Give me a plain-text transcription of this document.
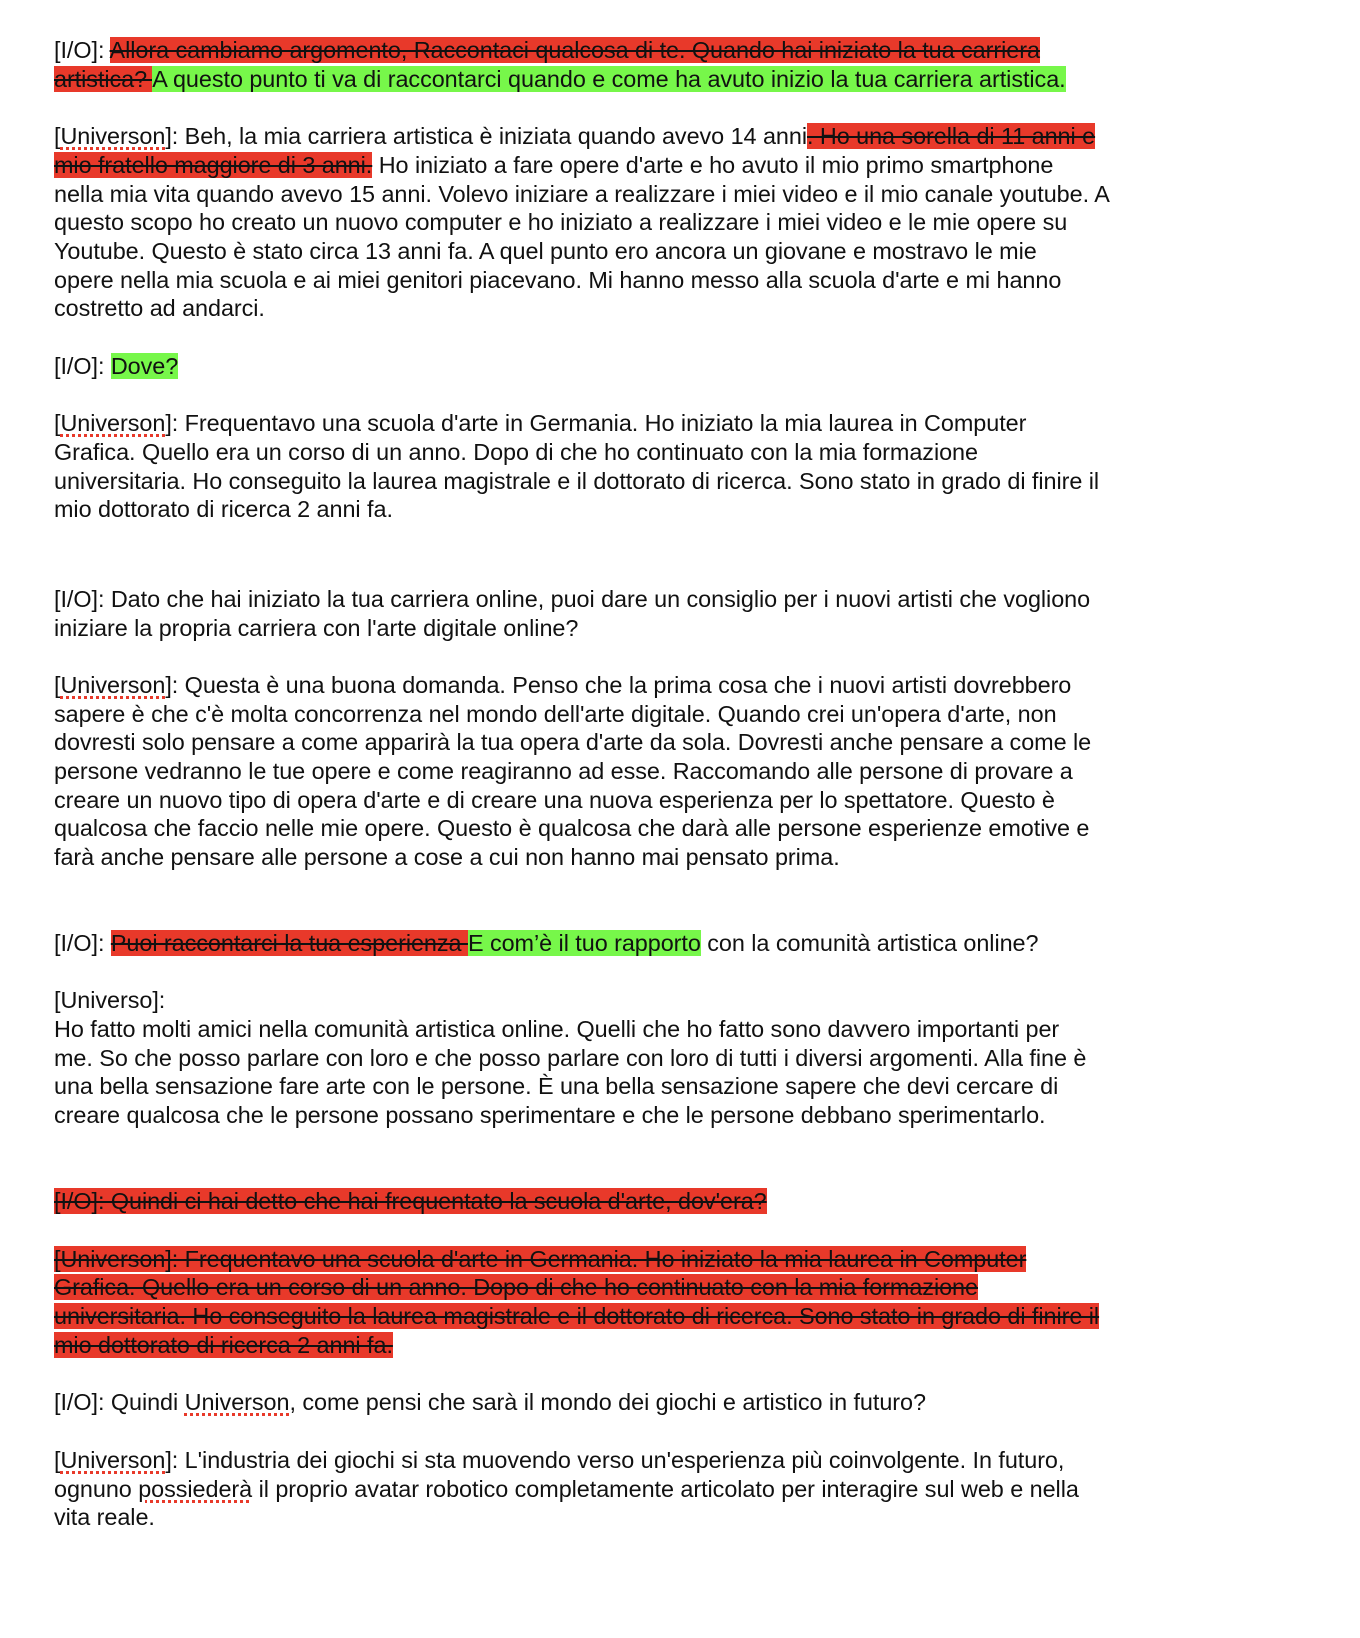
[I/O]: Allora cambiamo argomento, Raccontaci qualcosa di te. Quando hai iniziato la tua carriera
artistica? A questo punto ti va di raccontarci quando e come ha avuto inizio la tua carriera artistica.
[Universon]: Beh, la mia carriera artistica è iniziata quando avevo 14 anni. Ho una sorella di 11 anni e
mio fratello maggiore di 3 anni. Ho iniziato a fare opere d'arte e ho avuto il mio primo smartphone
nella mia vita quando avevo 15 anni. Volevo iniziare a realizzare i miei video e il mio canale youtube. A
questo scopo ho creato un nuovo computer e ho iniziato a realizzare i miei video e le mie opere su
Youtube. Questo è stato circa 13 anni fa. A quel punto ero ancora un giovane e mostravo le mie
opere nella mia scuola e ai miei genitori piacevano. Mi hanno messo alla scuola d'arte e mi hanno
costretto ad andarci.
[I/O]: Dove?
[Universon]: Frequentavo una scuola d'arte in Germania. Ho iniziato la mia laurea in Computer
Grafica. Quello era un corso di un anno. Dopo di che ho continuato con la mia formazione
universitaria. Ho conseguito la laurea magistrale e il dottorato di ricerca. Sono stato in grado di finire il
mio dottorato di ricerca 2 anni fa.
[I/O]: Dato che hai iniziato la tua carriera online, puoi dare un consiglio per i nuovi artisti che vogliono
iniziare la propria carriera con l'arte digitale online?
[Universon]: Questa è una buona domanda. Penso che la prima cosa che i nuovi artisti dovrebbero
sapere è che c'è molta concorrenza nel mondo dell'arte digitale. Quando crei un'opera d'arte, non
dovresti solo pensare a come apparirà la tua opera d'arte da sola. Dovresti anche pensare a come le
persone vedranno le tue opere e come reagiranno ad esse. Raccomando alle persone di provare a
creare un nuovo tipo di opera d'arte e di creare una nuova esperienza per lo spettatore. Questo è
qualcosa che faccio nelle mie opere. Questo è qualcosa che darà alle persone esperienze emotive e
farà anche pensare alle persone a cose a cui non hanno mai pensato prima.
[I/O]: Puoi raccontarci la tua esperienza E com’è il tuo rapporto con la comunità artistica online?
[Universo]:
Ho fatto molti amici nella comunità artistica online. Quelli che ho fatto sono davvero importanti per
me. So che posso parlare con loro e che posso parlare con loro di tutti i diversi argomenti. Alla fine è
una bella sensazione fare arte con le persone. È una bella sensazione sapere che devi cercare di
creare qualcosa che le persone possano sperimentare e che le persone debbano sperimentarlo.
[I/O]: Quindi ci hai detto che hai frequentato la scuola d'arte, dov'era?
[Universon]: Frequentavo una scuola d'arte in Germania. Ho iniziato la mia laurea in Computer
Grafica. Quello era un corso di un anno. Dopo di che ho continuato con la mia formazione
universitaria. Ho conseguito la laurea magistrale e il dottorato di ricerca. Sono stato in grado di finire il
mio dottorato di ricerca 2 anni fa.
[I/O]: Quindi Universon, come pensi che sarà il mondo dei giochi e artistico in futuro?
[Universon]: L'industria dei giochi si sta muovendo verso un'esperienza più coinvolgente. In futuro,
ognuno possiederà il proprio avatar robotico completamente articolato per interagire sul web e nella
vita reale.
